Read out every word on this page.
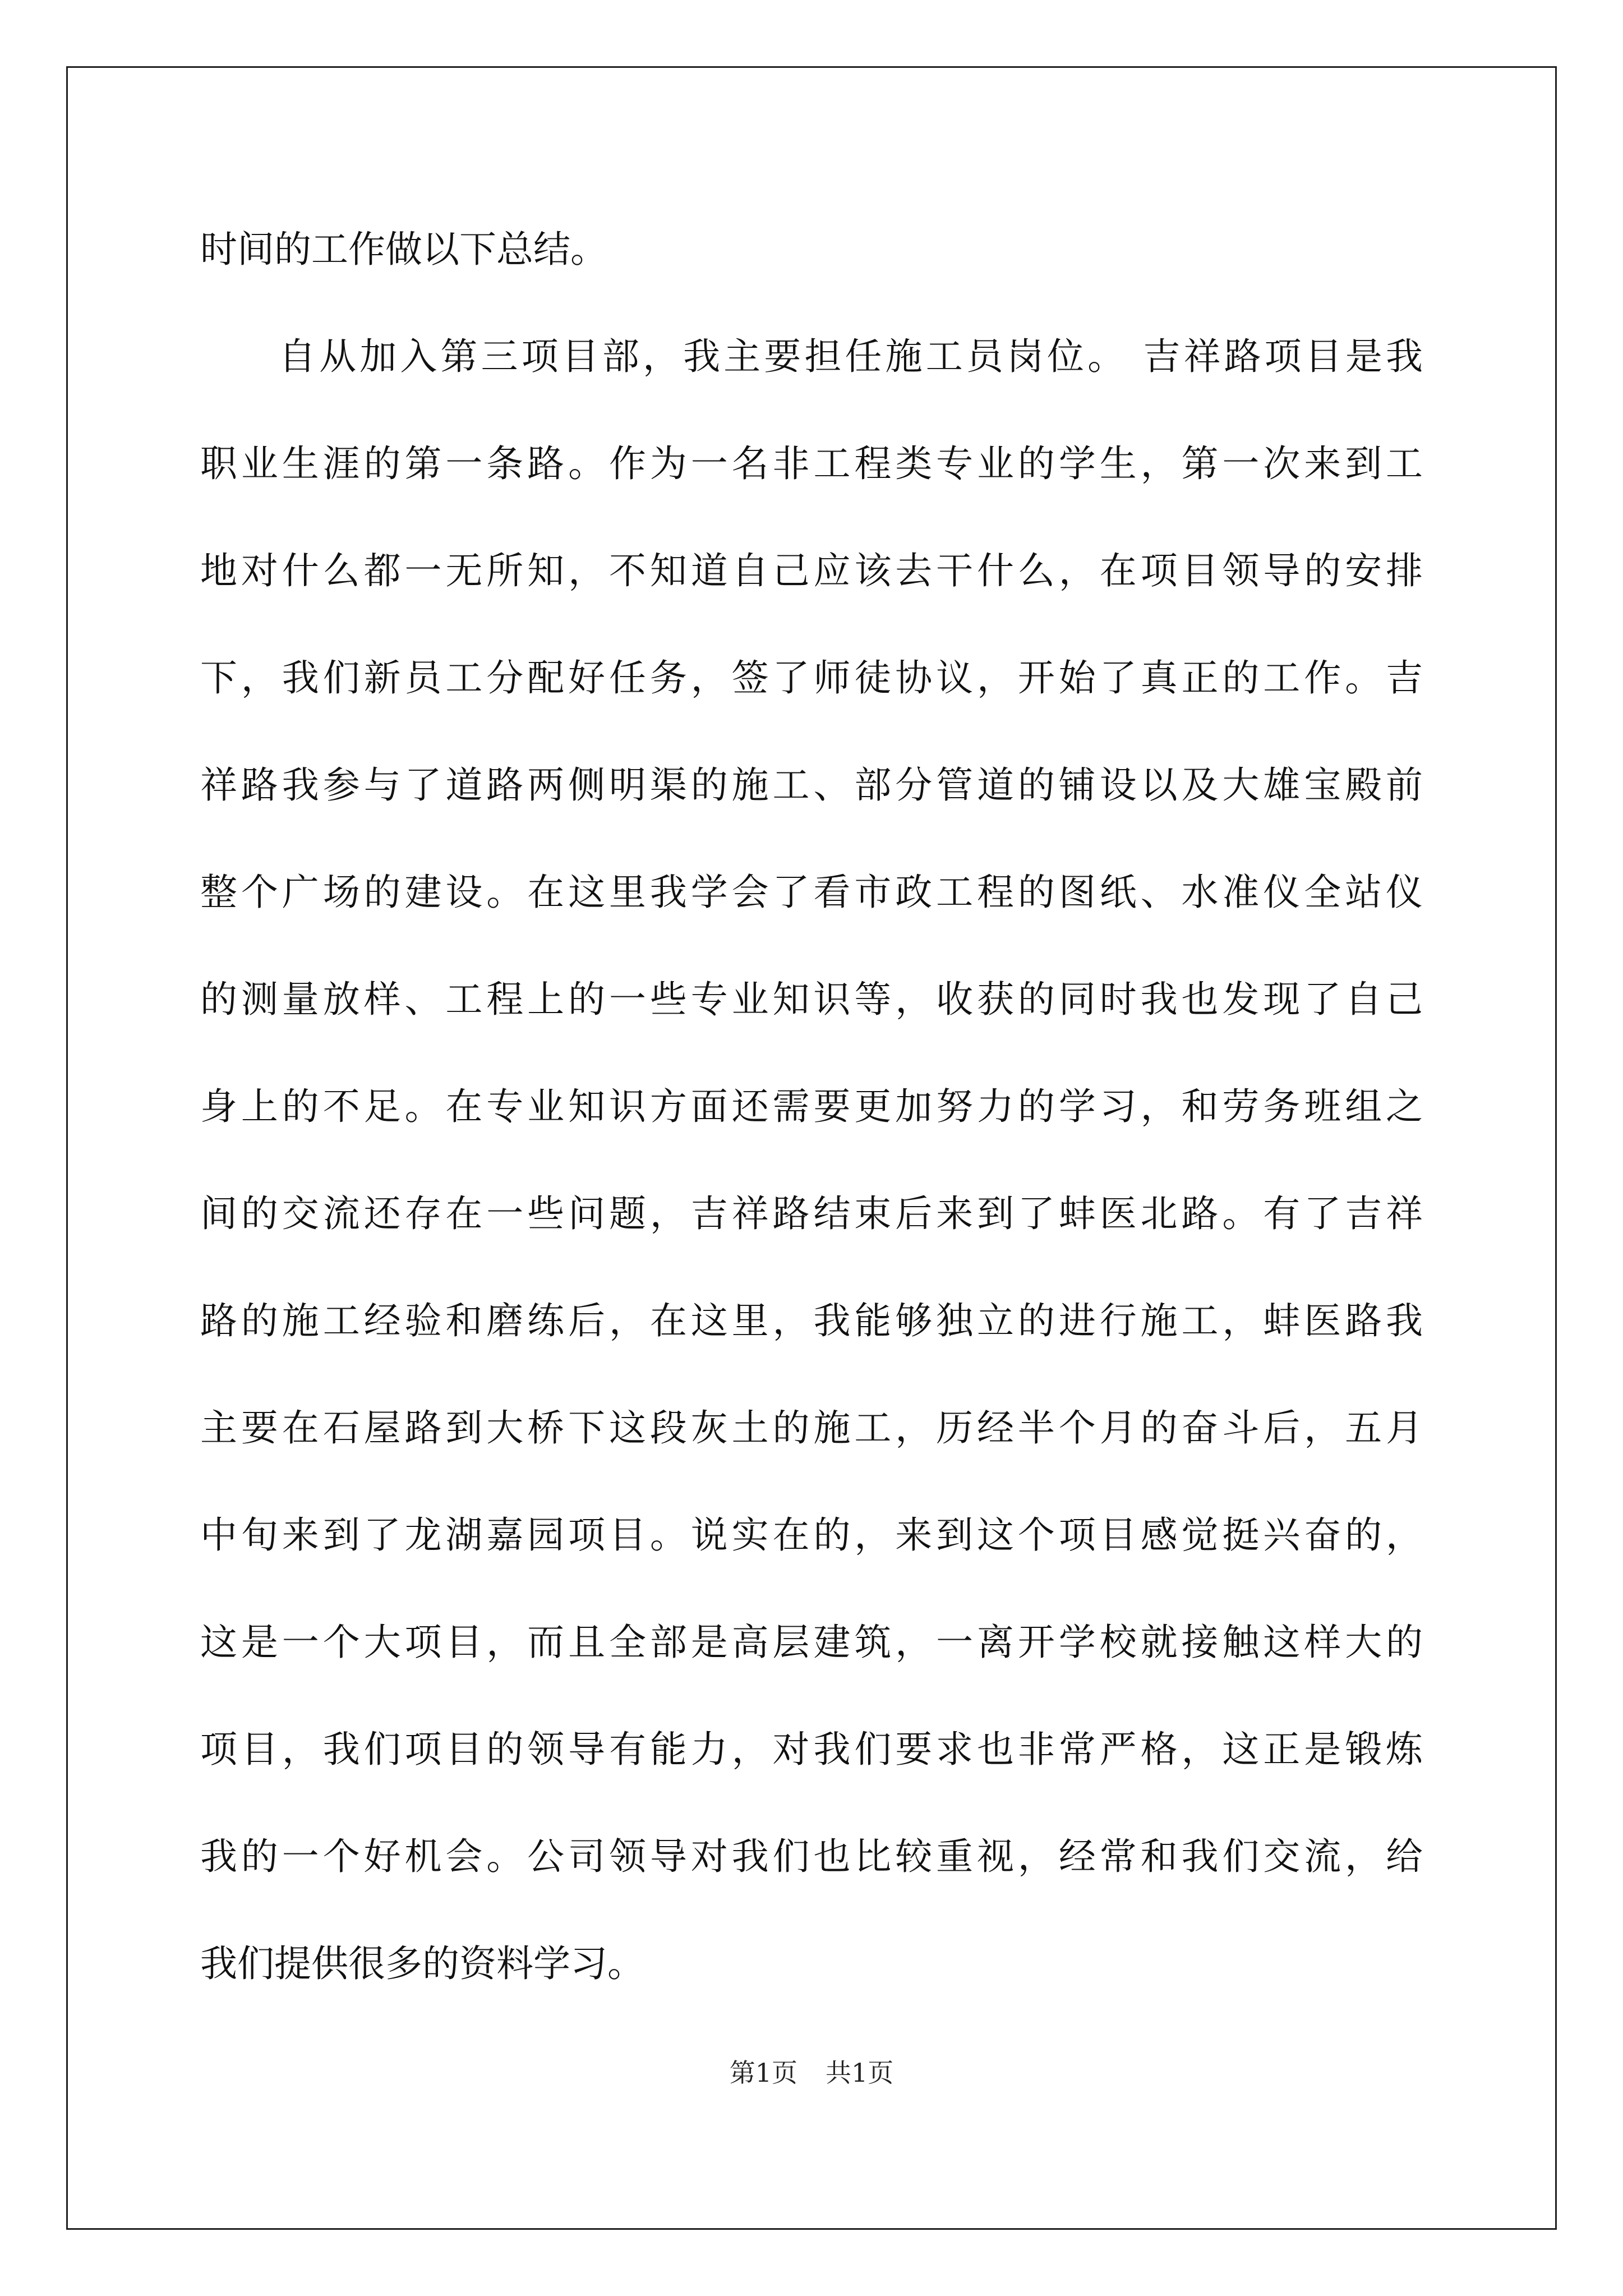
时间的工作做以下总结。
自从加入第三项目部，我主要担任施工员岗位。 吉祥路项目是我
职业生涯的第一条路。作为一名非工程类专业的学生，第一次来到工
地对什么都一无所知，不知道自己应该去干什么，在项目领导的安排
下，我们新员工分配好任务，签了师徒协议，开始了真正的工作。吉
祥路我参与了道路两侧明渠的施工、部分管道的铺设以及大雄宝殿前
整个广场的建设。在这里我学会了看市政工程的图纸、水准仪全站仪
的测量放样、工程上的一些专业知识等，收获的同时我也发现了自己
身上的不足。在专业知识方面还需要更加努力的学习，和劳务班组之
间的交流还存在一些问题，吉祥路结束后来到了蚌医北路。有了吉祥
路的施工经验和磨练后，在这里，我能够独立的进行施工，蚌医路我
主要在石屋路到大桥下这段灰土的施工，历经半个月的奋斗后，五月
中旬来到了龙湖嘉园项目。说实在的，来到这个项目感觉挺兴奋的，
这是一个大项目，而且全部是高层建筑，一离开学校就接触这样大的
项目，我们项目的领导有能力，对我们要求也非常严格，这正是锻炼
我的一个好机会。公司领导对我们也比较重视，经常和我们交流，给
我们提供很多的资料学习。
第1页 共1页
